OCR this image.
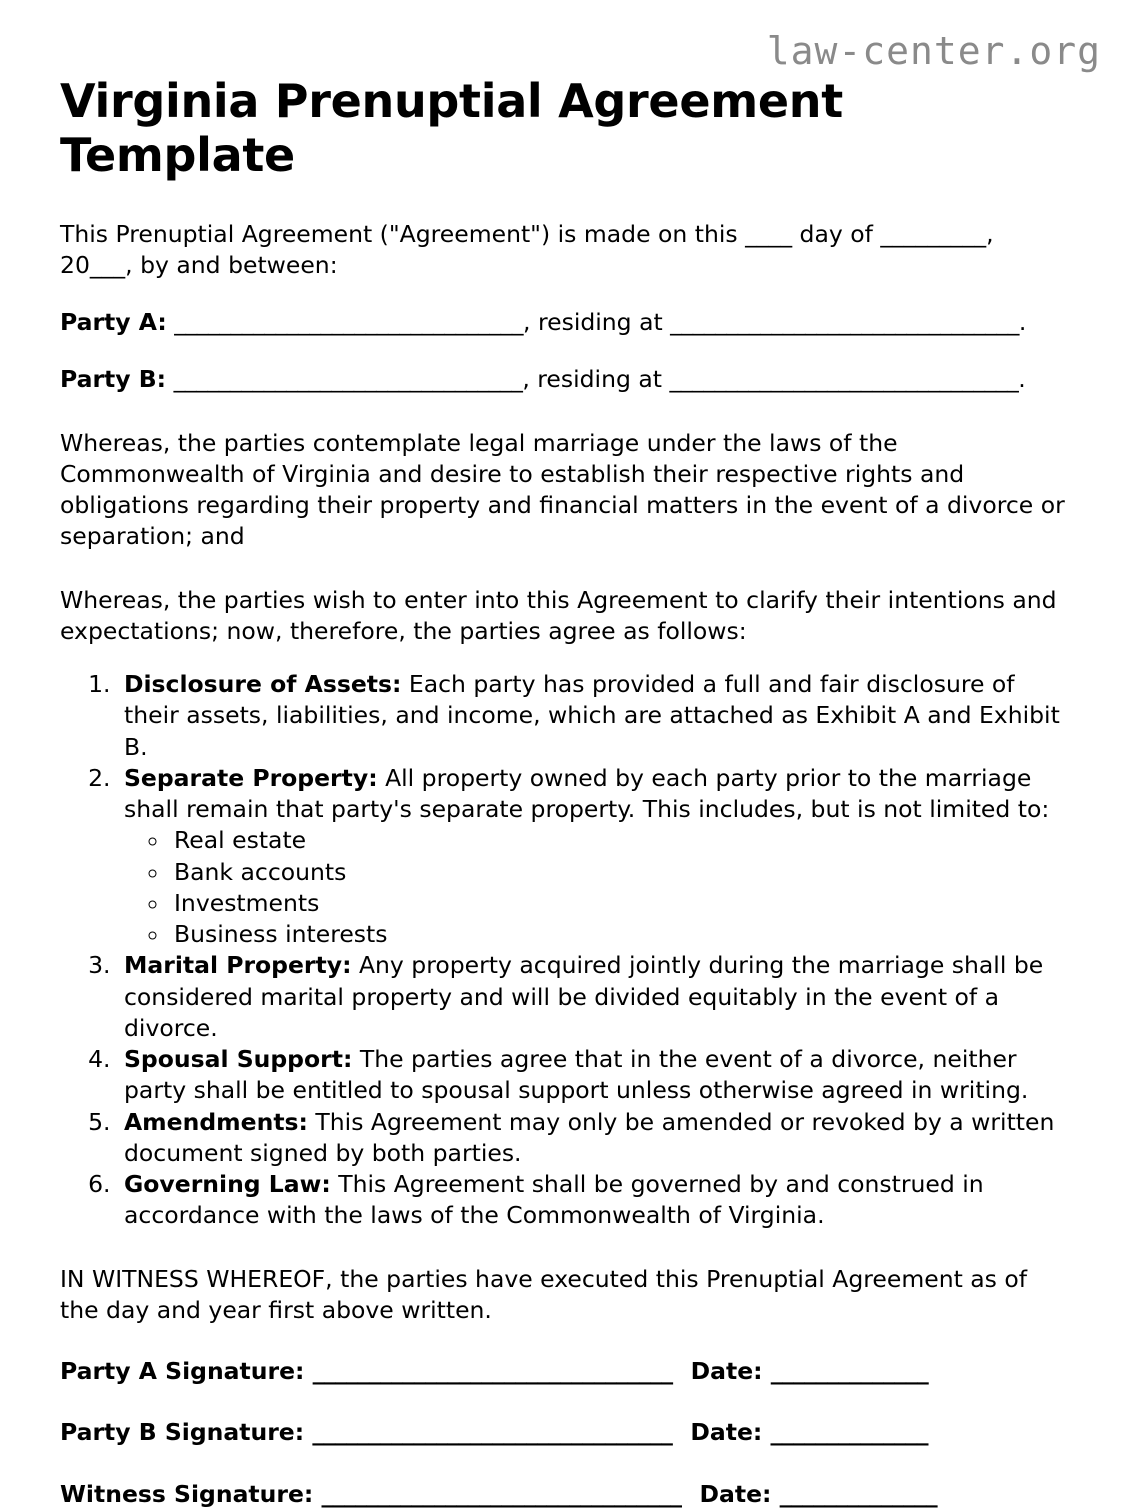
law-center.org
Virginia Prenuptial Agreement Template

This Prenuptial Agreement ("Agreement") is made on this ____ day of _________, 20___, by and between:

Party A: _______________________________, residing at _______________________________.

Party B: _______________________________, residing at _______________________________.

Whereas, the parties contemplate legal marriage under the laws of the Commonwealth of Virginia and desire to establish their respective rights and obligations regarding their property and financial matters in the event of a divorce or separation; and

Whereas, the parties wish to enter into this Agreement to clarify their intentions and expectations; now, therefore, the parties agree as follows:

1. Disclosure of Assets: Each party has provided a full and fair disclosure of their assets, liabilities, and income, which are attached as Exhibit A and Exhibit B.
2. Separate Property: All property owned by each party prior to the marriage shall remain that party's separate property. This includes, but is not limited to:
◦ Real estate
◦ Bank accounts
◦ Investments
◦ Business interests
3. Marital Property: Any property acquired jointly during the marriage shall be considered marital property and will be divided equitably in the event of a divorce.
4. Spousal Support: The parties agree that in the event of a divorce, neither party shall be entitled to spousal support unless otherwise agreed in writing.
5. Amendments: This Agreement may only be amended or revoked by a written document signed by both parties.
6. Governing Law: This Agreement shall be governed by and construed in accordance with the laws of the Commonwealth of Virginia.

IN WITNESS WHEREOF, the parties have executed this Prenuptial Agreement as of the day and year first above written.

Party A Signature: ________________________________ Date: ______________

Party B Signature: ________________________________ Date: ______________

Witness Signature: ________________________________ Date: ______________
